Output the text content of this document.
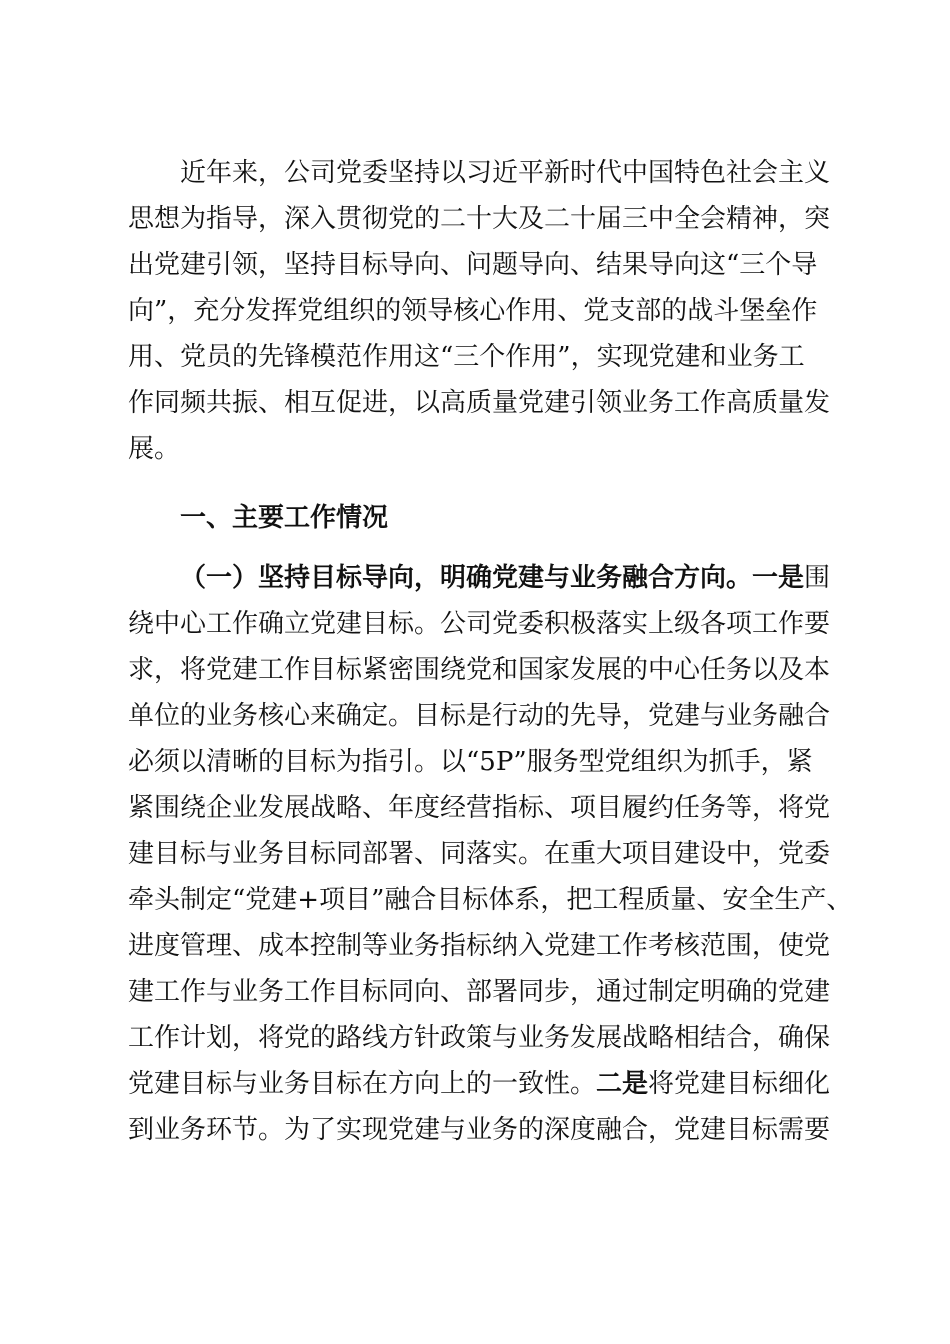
近年来，公司党委坚持以习近平新时代中国特色社会主义

思想为指导，深入贯彻党的二十大及二十届三中全会精神，突

出党建引领，坚持目标导向、问题导向、结果导向这“三个导

向”，充分发挥党组织的领导核心作用、党支部的战斗堡垒作

用、党员的先锋模范作用这“三个作用”，实现党建和业务工

作同频共振、相互促进，以高质量党建引领业务工作高质量发

展。

一、主要工作情况

（一）坚持目标导向，明确党建与业务融合方向。一是围

绕中心工作确立党建目标。公司党委积极落实上级各项工作要

求，将党建工作目标紧密围绕党和国家发展的中心任务以及本

单位的业务核心来确定。目标是行动的先导，党建与业务融合

必须以清晰的目标为指引。以“5P”服务型党组织为抓手，紧

紧围绕企业发展战略、年度经营指标、项目履约任务等，将党

建目标与业务目标同部署、同落实。在重大项目建设中，党委

牵头制定“党建+项目”融合目标体系，把工程质量、安全生产、

进度管理、成本控制等业务指标纳入党建工作考核范围，使党

建工作与业务工作目标同向、部署同步，通过制定明确的党建

工作计划，将党的路线方针政策与业务发展战略相结合，确保

党建目标与业务目标在方向上的一致性。二是将党建目标细化

到业务环节。为了实现党建与业务的深度融合，党建目标需要
